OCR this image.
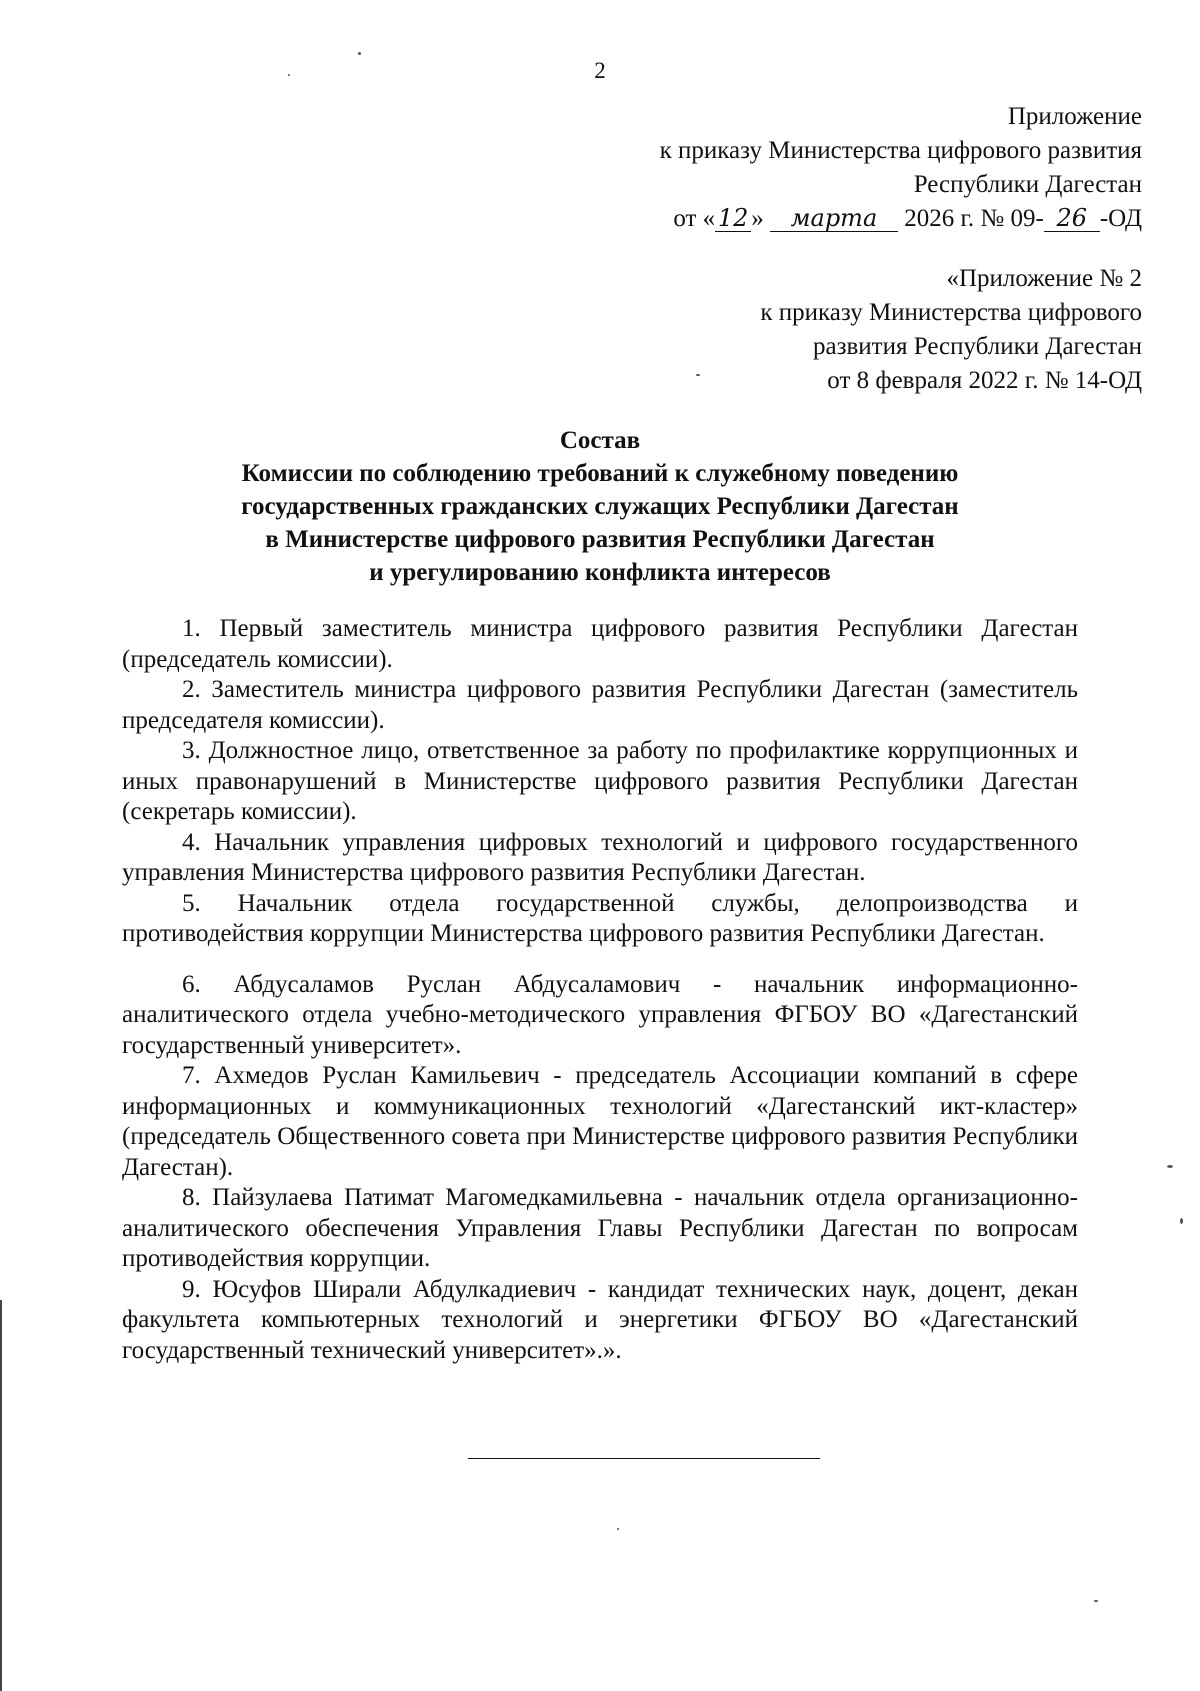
2
Приложение
к приказу Министерства цифрового развития
Республики Дагестан
от « 12 » марта 2026 г. № 09- 26 -ОД
«Приложение № 2
к приказу Министерства цифрового
развития Республики Дагестан
от 8 февраля 2022 г. № 14-ОД
Состав
Комиссии по соблюдению требований к служебному поведению
государственных гражданских служащих Республики Дагестан
в Министерстве цифрового развития Республики Дагестан
и урегулированию конфликта интересов

1. Первый заместитель министра цифрового развития Республики Дагестан (председатель комиссии).

2. Заместитель министра цифрового развития Республики Дагестан (заместитель председателя комиссии).

3. Должностное лицо, ответственное за работу по профилактике коррупционных и иных правонарушений в Министерстве цифрового развития Республики Дагестан (секретарь комиссии).

4. Начальник управления цифровых технологий и цифрового государственного управления Министерства цифрового развития Республики Дагестан.

5. Начальник отдела государственной службы, делопроизводства и противодействия коррупции Министерства цифрового развития Республики Дагестан.

6. Абдусаламов Руслан Абдусаламович - начальник информационно-аналитического отдела учебно-методического управления ФГБОУ ВО «Дагестанский государственный университет».

7. Ахмедов Руслан Камильевич - председатель Ассоциации компаний в сфере информационных и коммуникационных технологий «Дагестанский икт-кластер» (председатель Общественного совета при Министерстве цифрового развития Республики Дагестан).

8. Пайзулаева Патимат Магомедкамильевна - начальник отдела организационно-аналитического обеспечения Управления Главы Республики Дагестан по вопросам противодействия коррупции.

9. Юсуфов Ширали Абдулкадиевич - кандидат технических наук, доцент, декан факультета компьютерных технологий и энергетики ФГБОУ ВО «Дагестанский государственный технический университет».».
